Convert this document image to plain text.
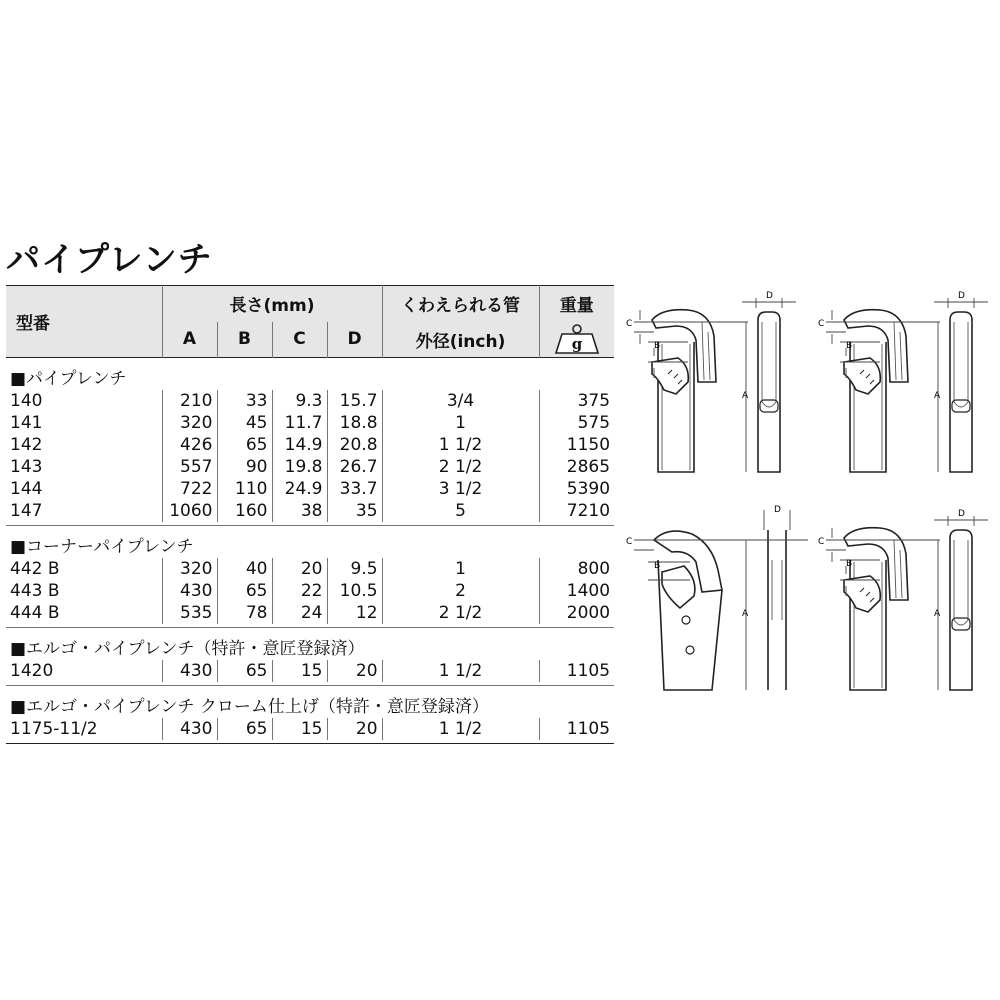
パイプレンチ
型番	長さ(mm)				くわえられる管	重量
	A	B	C	D	外径(inch)	g

■パイプレンチ						
140	210	33	9.3	15.7	3/4	375
141	320	45	11.7	18.8	1	575
142	426	65	14.9	20.8	1 1/2	1150
143	557	90	19.8	26.7	2 1/2	2865
144	722	110	24.9	33.7	3 1/2	5390
147	1060	160	38	35	5	7210

■コーナーパイプレンチ						
442 B	320	40	20	9.5	1	800
443 B	430	65	22	10.5	2	1400
444 B	535	78	24	12	2 1/2	2000

■エルゴ・パイプレンチ（特許・意匠登録済）						
1420	430	65	15	20	1 1/2	1105

■エルゴ・パイプレンチ クローム仕上げ（特許・意匠登録済）						
1175-11/2	430	65	15	20	1 1/2	1105

C
B
A
D
C
B
A
D
C
B
A
D
C
B
A
D
